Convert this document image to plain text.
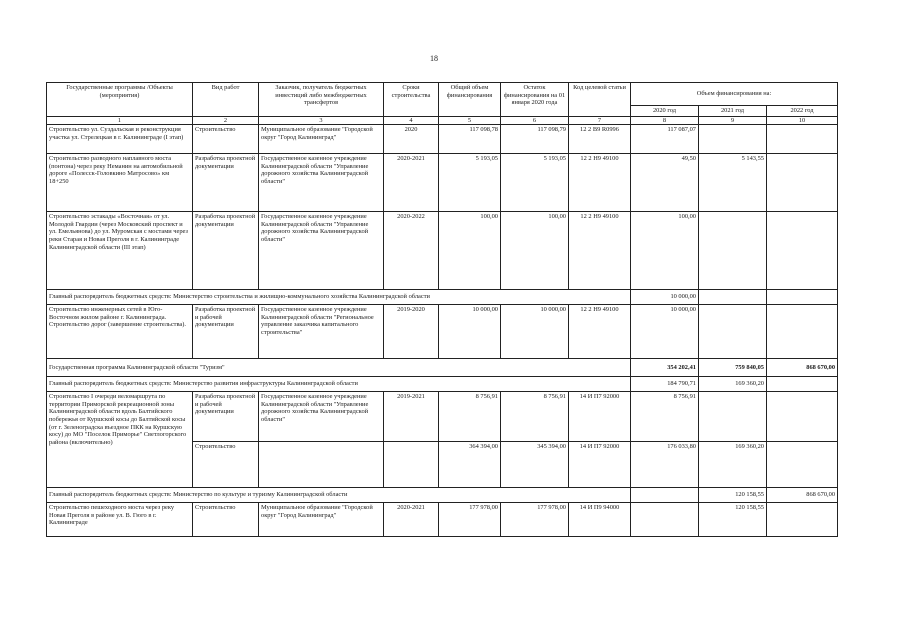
18
Государственные программы /Объекты (мероприятия)	Вид работ	Заказчик, получатель бюджетных инвестиций либо межбюджетных трансфертов	Сроки строительства	Общий объем финансирования	Остаток финансирования на 01 января 2020 года	Код целевой статьи	Объем финансирования на:		
							2020 год	2021 год	2022 год
1	2	3	4	5	6	7	8	9	10
Строительство ул. Суздальская и реконструкция участка ул. Стрелецкая в г. Калининграде (I этап)	Строительство	Муниципальное образование "Городской округ "Город Калининград"	2020	117 098,78	117 098,79	12 2 В9 R0996	117 087,07		
Строительство разводного наплавного моста (понтона) через реку Неманин на автомобильной дороге «Полесск-Головкино Матросово» км 18+250	Разработка проектной документации	Государственное казенное учреждение Калининградской области "Управление дорожного хозяйства Калининградской области"	2020-2021	5 193,05	5 193,05	12 2 Н9 49100	49,50	5 143,55	
Строительство эстакады «Восточная» от ул. Молодой Гвардии (через Московский проспект и ул. Емельянова) до ул. Муромская с мостами через реки Старая и Новая Преголя в г. Калининграде Калининградской области (III этап)	Разработка проектной документации	Государственное казенное учреждение Калининградской области "Управление дорожного хозяйства Калининградской области"	2020-2022	100,00	100,00	12 2 Н9 49100	100,00		
Главный распорядитель бюджетных средств: Министерство строительства и жилищно-коммунального хозяйства Калининградской области							10 000,00		
Строительство инженерных сетей в Юго-Восточном жилом районе г. Калининграда. Строительство дорог (завершение строительства).	Разработка проектной и рабочей документации	Государственное казенное учреждение Калининградской области "Региональное управление заказчика капитального строительства"	2019-2020	10 000,00	10 000,00	12 2 Н9 49100	10 000,00		
Государственная программа Калининградской области "Туризм"							354 202,41	759 840,05	868 670,00
Главный распорядитель бюджетных средств: Министерство развития инфраструктуры Калининградской области							184 790,71	169 360,20	
Строительство I очереди веломаршрута по территории Приморской рекреационной зоны Калининградской области вдоль Балтийского побережья от Куршской косы до Балтийской косы (от г. Зеленоградска въездное ПКК на Куршскую косу) до МО "Поселок Приморье" Светлогорского района (включительно)	Разработка проектной и рабочей документации	Государственное казенное учреждение Калининградской области "Управление дорожного хозяйства Калининградской области"	2019-2021	8 756,91	8 756,91	14 И П7 92000	8 756,91		
	Строительство			364 394,00	345 394,00	14 И П7 92000	176 033,80	169 360,20	
Главный распорядитель бюджетных средств: Министерство по культуре и туризму Калининградской области								120 158,55	868 670,00
Строительство пешеходного моста через реку Новая Преголя в районе ул. В. Гюго в г. Калининграде	Строительство	Муниципальное образование "Городской округ "Город Калининград"	2020-2021	177 978,00	177 978,00	14 И П9 94000		120 158,55	
